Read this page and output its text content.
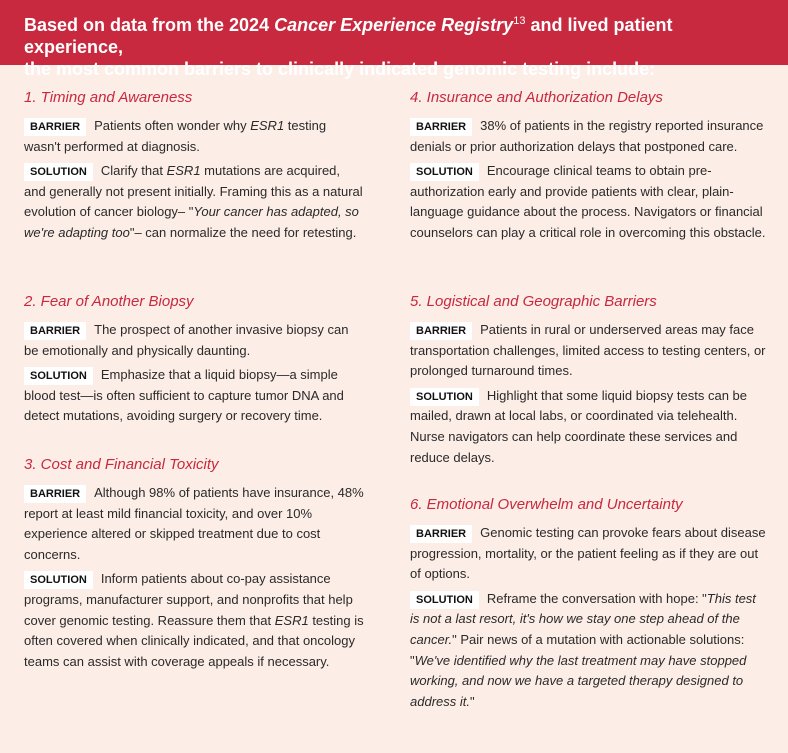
Based on data from the 2024 Cancer Experience Registry$^{13}$ and lived patient experience,
the most common barriers to clinically indicated genomic testing include:
1. Timing and Awareness

BARRIER Patients often wonder why ESR1 testing wasn't performed at diagnosis.

SOLUTION Clarify that ESR1 mutations are acquired, and generally not present initially. Framing this as a natural evolution of cancer biology– "Your cancer has adapted, so we're adapting too"– can normalize the need for retesting.

2. Fear of Another Biopsy

BARRIER The prospect of another invasive biopsy can be emotionally and physically daunting.

SOLUTION Emphasize that a liquid biopsy—a simple blood test—is often sufficient to capture tumor DNA and detect mutations, avoiding surgery or recovery time.

3. Cost and Financial Toxicity

BARRIER Although 98% of patients have insurance, 48% report at least mild financial toxicity, and over 10% experience altered or skipped treatment due to cost concerns.

SOLUTION Inform patients about co-pay assistance programs, manufacturer support, and nonprofits that help cover genomic testing. Reassure them that ESR1 testing is often covered when clinically indicated, and that oncology teams can assist with coverage appeals if necessary.

4. Insurance and Authorization Delays

BARRIER 38% of patients in the registry reported insurance denials or prior authorization delays that postponed care.

SOLUTION Encourage clinical teams to obtain pre-authorization early and provide patients with clear, plain-language guidance about the process. Navigators or financial counselors can play a critical role in overcoming this obstacle.

5. Logistical and Geographic Barriers

BARRIER Patients in rural or underserved areas may face transportation challenges, limited access to testing centers, or prolonged turnaround times.

SOLUTION Highlight that some liquid biopsy tests can be mailed, drawn at local labs, or coordinated via telehealth. Nurse navigators can help coordinate these services and reduce delays.

6. Emotional Overwhelm and Uncertainty

BARRIER Genomic testing can provoke fears about disease progression, mortality, or the patient feeling as if they are out of options.

SOLUTION Reframe the conversation with hope: "This test is not a last resort, it's how we stay one step ahead of the cancer." Pair news of a mutation with actionable solutions: "We've identified why the last treatment may have stopped working, and now we have a targeted therapy designed to address it."
